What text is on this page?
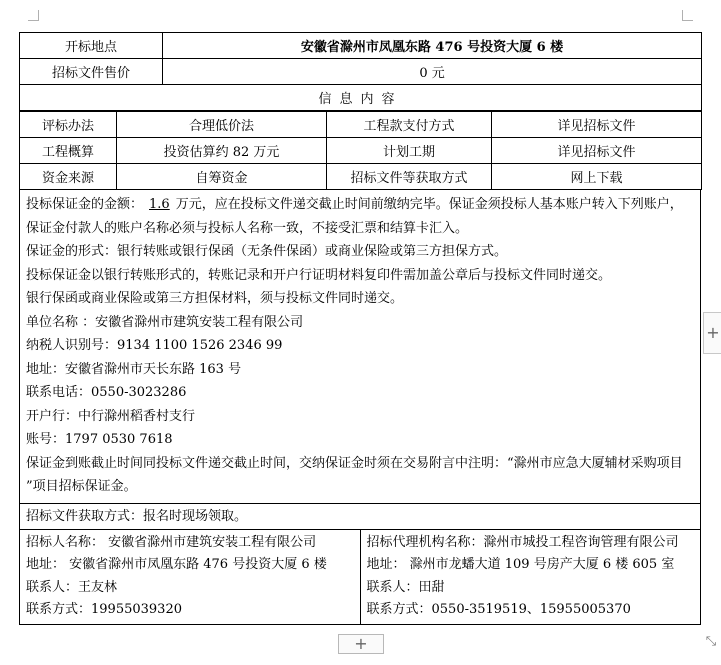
开标地点	安徽省滁州市凤凰东路 476 号投资大厦 6 楼
招标文件售价	0 元
信息内容	
评标办法	合理低价法	工程款支付方式	详见招标文件
工程概算	投资估算约 82 万元	计划工期	详见招标文件
资金来源	自筹资金	招标文件等获取方式	网上下载

投标保证金的金额： 1.6 万元，应在投标文件递交截止时间前缴纳完毕。保证金须投标人基本账户转入下列账户，保证金付款人的账户名称必须与投标人名称一致，不接受汇票和结算卡汇入。

保证金的形式：银行转账或银行保函（无条件保函）或商业保险或第三方担保方式。

投标保证金以银行转账形式的，转账记录和开户行证明材料复印件需加盖公章后与投标文件同时递交。

银行保函或商业保险或第三方担保材料，须与投标文件同时递交。

单位名称 ：安徽省滁州市建筑安装工程有限公司

纳税人识别号：9134 1100 1526 2346 99

地址：安徽省滁州市天长东路 163 号

联系电话：0550-3023286

开户行：中行滁州稻香村支行

账号：1797 0530 7618

保证金到账截止时间同投标文件递交截止时间，交纳保证金时须在交易附言中注明：“滁州市应急大厦辅材采购项目 ”项目招标保证金。

招标文件获取方式：报名时现场领取。
招标人名称： 安徽省滁州市建筑安装工程有限公司
地址： 安徽省滁州市凤凰东路 476 号投资大厦 6 楼
联系人：王友林
联系方式：19955039320
招标代理机构名称：滁州市城投工程咨询管理有限公司
地址： 滁州市龙蟠大道 109 号房产大厦 6 楼 605 室
联系人：田甜
联系方式：0550-3519519、15955005370
+
+	⤡
